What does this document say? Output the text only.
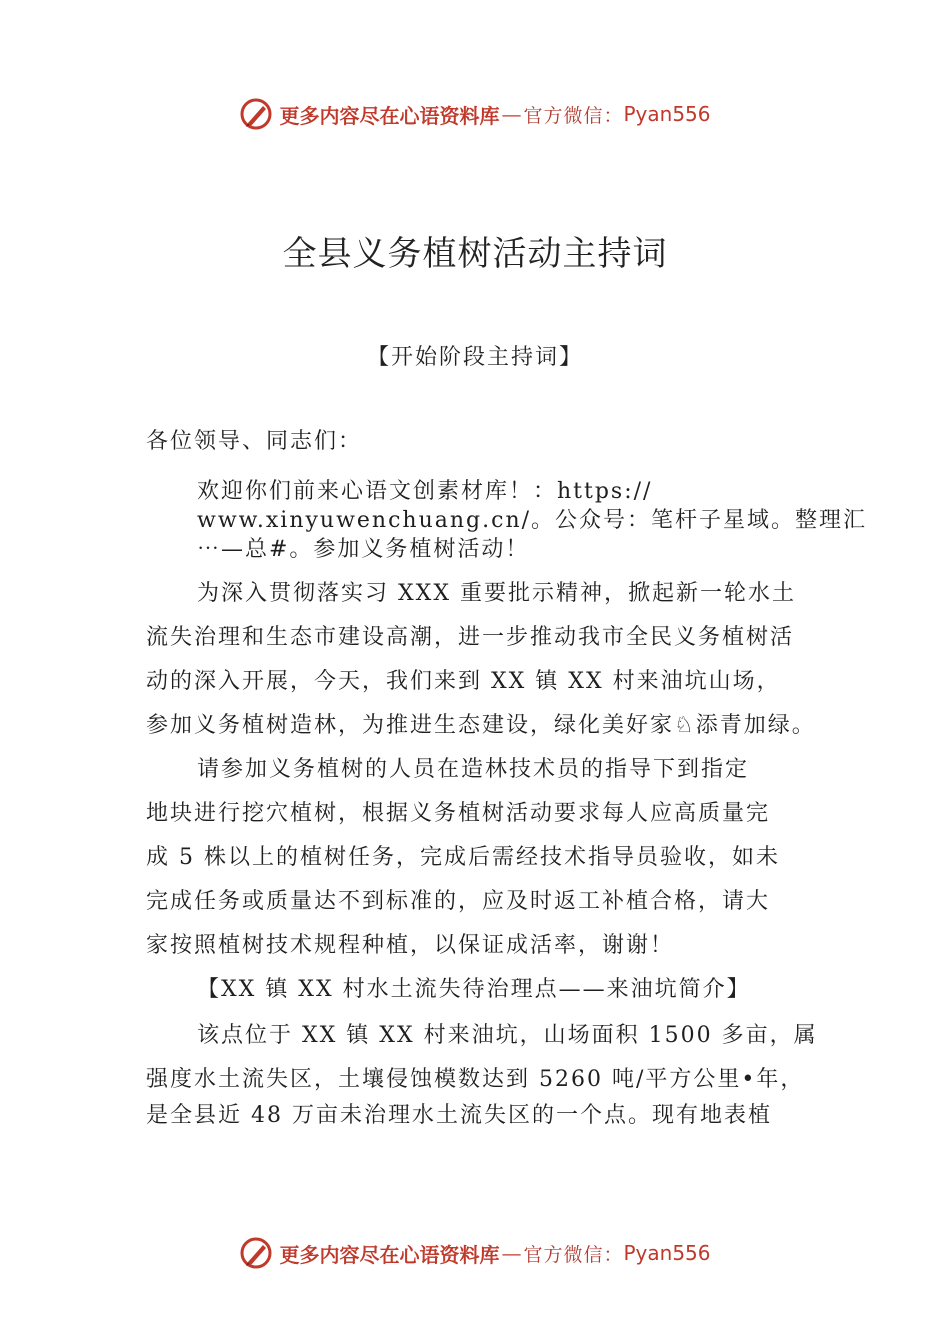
更多内容尽在心语资料库 — 官方微信： Pyan556
全县义务植树活动主持词
【开始阶段主持词】
各位领导、同志们：
欢迎你们前来心语文创素材库！：https://
www.xinyuwenchuang.cn/。公众号：笔杆子星域。整理汇
⋯—总#。参加义务植树活动！
为深入贯彻落实习 XXX 重要批示精神，掀起新一轮水土
流失治理和生态市建设高潮，进一步推动我市全民义务植树活
动的深入开展，今天，我们来到 XX 镇 XX 村来油坑山场，
参加义务植树造林，为推进生态建设，绿化美好家♘添青加绿。
请参加义务植树的人员在造林技术员的指导下到指定
地块进行挖穴植树，根据义务植树活动要求每人应高质量完
成 5 株以上的植树任务，完成后需经技术指导员验收，如未
完成任务或质量达不到标准的，应及时返工补植合格，请大
家按照植树技术规程种植，以保证成活率，谢谢！
【XX 镇 XX 村水土流失待治理点——来油坑简介】
该点位于 XX 镇 XX 村来油坑，山场面积 1500 多亩，属
强度水土流失区，土壤侵蚀模数达到 5260 吨/平方公里•年，
是全县近 48 万亩未治理水土流失区的一个点。现有地表植
更多内容尽在心语资料库 — 官方微信： Pyan556
